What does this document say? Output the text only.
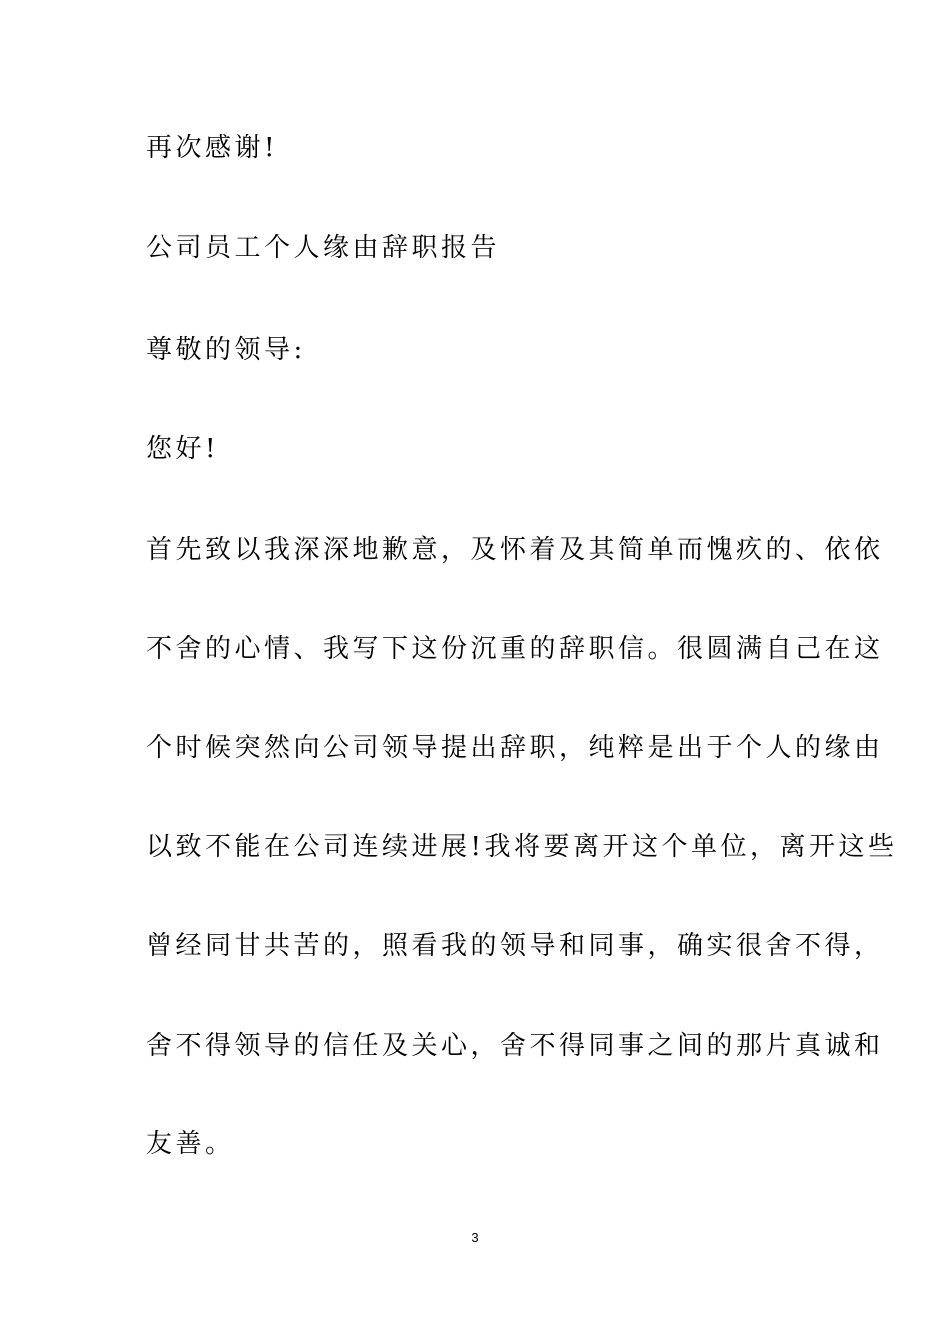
再次感谢!

公司员工个人缘由辞职报告

尊敬的领导:

您好!

首先致以我深深地歉意，及怀着及其简单而愧疚的、依依

不舍的心情、我写下这份沉重的辞职信。很圆满自己在这

个时候突然向公司领导提出辞职，纯粹是出于个人的缘由

以致不能在公司连续进展!我将要离开这个单位，离开这些

曾经同甘共苦的，照看我的领导和同事，确实很舍不得，

舍不得领导的信任及关心，舍不得同事之间的那片真诚和

友善。

3
